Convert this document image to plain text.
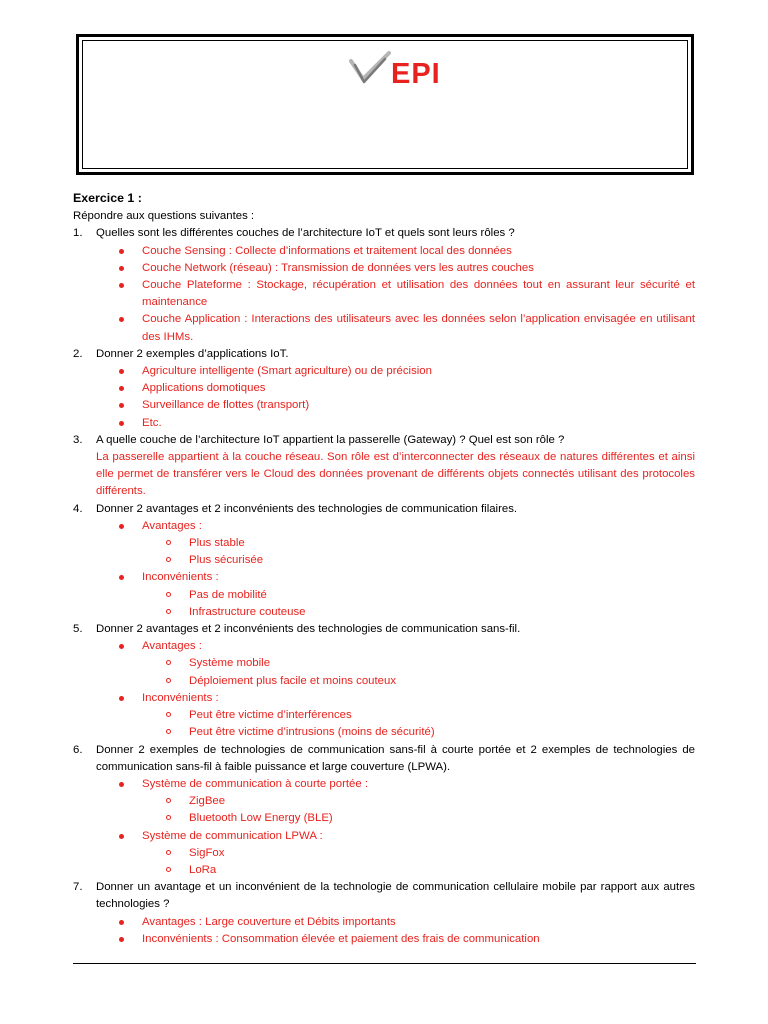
EPI
Exercice 1 :
Répondre aux questions suivantes :
1. Quelles sont les différentes couches de l’architecture IoT et quels sont leurs rôles ?
Couche Sensing : Collecte d’informations et traitement local des données
Couche Network (réseau) : Transmission de données vers les autres couches
Couche Plateforme : Stockage, récupération et utilisation des données tout en assurant leur sécurité et maintenance
Couche Application : Interactions des utilisateurs avec les données selon l’application envisagée en utilisant des IHMs.
2. Donner 2 exemples d’applications IoT.
Agriculture intelligente (Smart agriculture) ou de précision
Applications domotiques
Surveillance de flottes (transport)
Etc.
3. A quelle couche de l’architecture IoT appartient la passerelle (Gateway) ? Quel est son rôle ?
La passerelle appartient à la couche réseau. Son rôle est d’interconnecter des réseaux de natures différentes et ainsi elle permet de transférer vers le Cloud des données provenant de différents objets connectés utilisant des protocoles différents.
4. Donner 2 avantages et 2 inconvénients des technologies de communication filaires.
Avantages :
Plus stable
Plus sécurisée
Inconvénients :
Pas de mobilité
Infrastructure couteuse
5. Donner 2 avantages et 2 inconvénients des technologies de communication sans-fil.
Avantages :
Système mobile
Déploiement plus facile et moins couteux
Inconvénients :
Peut être victime d’interférences
Peut être victime d’intrusions (moins de sécurité)
6. Donner 2 exemples de technologies de communication sans-fil à courte portée et 2 exemples de technologies de communication sans-fil à faible puissance et large couverture (LPWA).
Système de communication à courte portée :
ZigBee
Bluetooth Low Energy (BLE)
Système de communication LPWA :
SigFox
LoRa
7. Donner un avantage et un inconvénient de la technologie de communication cellulaire mobile par rapport aux autres technologies ?
Avantages : Large couverture et Débits importants
Inconvénients : Consommation élevée et paiement des frais de communication
